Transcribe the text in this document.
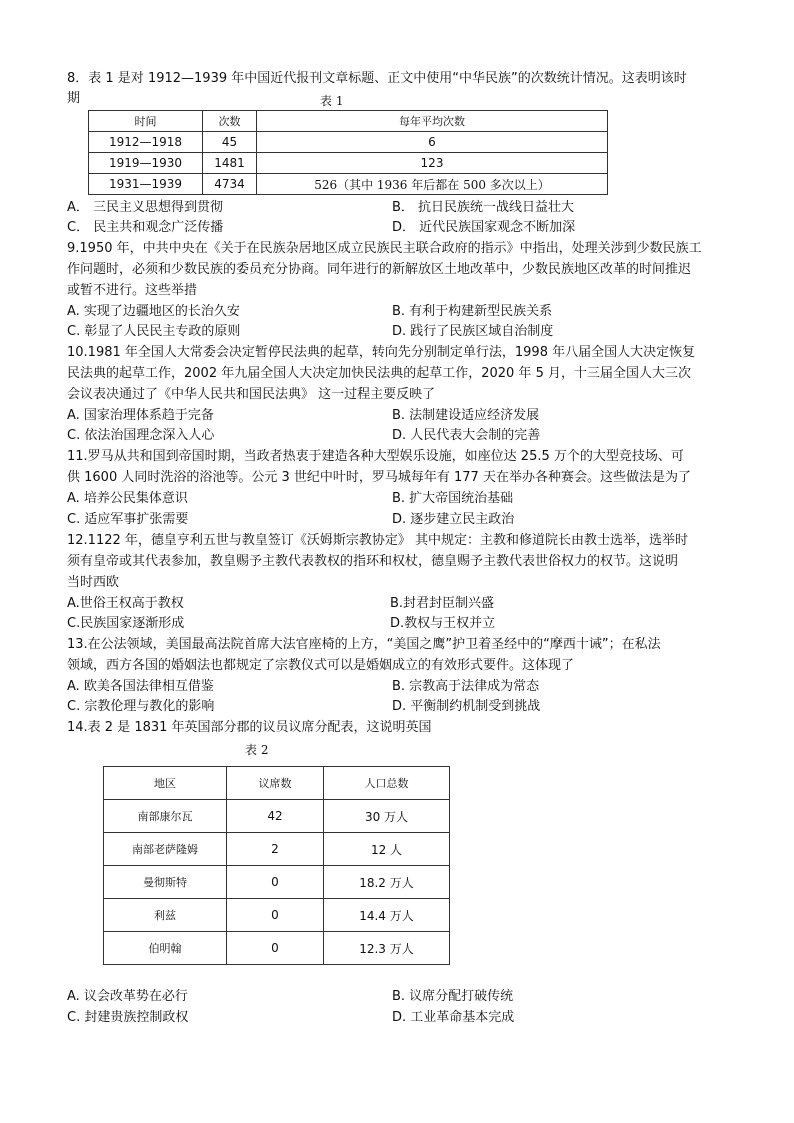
8．表 1 是对 1912—1939 年中国近代报刊文章标题、正文中使用“中华民族”的次数统计情况。这表明该时
期	表 1
时间	次数	每年平均次数
1912—1918	45	6
1919—1930	1481	123
1931—1939	4734	526（其中 1936 年后都在 500 多次以上）
A． 三民主义思想得到贯彻	B． 抗日民族统一战线日益壮大
C． 民主共和观念广泛传播	D． 近代民族国家观念不断加深
9.1950 年，中共中央在《关于在民族杂居地区成立民族民主联合政府的指示》中指出，处理关涉到少数民族工
作问题时，必须和少数民族的委员充分协商。同年进行的新解放区土地改革中，少数民族地区改革的时间推迟
或暂不进行。这些举措
A. 实现了边疆地区的长治久安	B. 有利于构建新型民族关系
C. 彰显了人民民主专政的原则	D. 践行了民族区域自治制度
10.1981 年全国人大常委会决定暂停民法典的起草，转向先分别制定单行法，1998 年八届全国人大决定恢复
民法典的起草工作，2002 年九届全国人大决定加快民法典的起草工作，2020 年 5 月，十三届全国人大三次
会议表决通过了《中华人民共和国民法典》 这一过程主要反映了
A. 国家治理体系趋于完备	B. 法制建设适应经济发展
C. 依法治国理念深入人心	D. 人民代表大会制的完善
11.罗马从共和国到帝国时期，当政者热衷于建造各种大型娱乐设施，如座位达 25.5 万个的大型竞技场、可
供 1600 人同时洗浴的浴池等。公元 3 世纪中叶时，罗马城每年有 177 天在举办各种赛会。这些做法是为了
A. 培养公民集体意识	B. 扩大帝国统治基础
C. 适应军事扩张需要	D. 逐步建立民主政治
12.1122 年，德皇亨利五世与教皇签订《沃姆斯宗教协定》 其中规定：主教和修道院长由教士选举，选举时
须有皇帝或其代表参加，教皇赐予主教代表教权的指环和权杖，德皇赐予主教代表世俗权力的权节。这说明
当时西欧
A.世俗王权高于教权	B.封君封臣制兴盛
C.民族国家逐渐形成	D.教权与王权并立
13.在公法领域，美国最高法院首席大法官座椅的上方，“美国之鹰”护卫着圣经中的“摩西十诫”；在私法
领域，西方各国的婚姻法也都规定了宗教仪式可以是婚姻成立的有效形式要件。这体现了
A. 欧美各国法律相互借鉴	B. 宗教高于法律成为常态
C. 宗教伦理与教化的影响	D. 平衡制约机制受到挑战
14.表 2 是 1831 年英国部分郡的议员议席分配表，这说明英国
表 2
地区	议席数	人口总数
南部康尔瓦	42	30 万人
南部老萨隆姆	2	12 人
曼彻斯特	0	18.2 万人
利兹	0	14.4 万人
伯明翰	0	12.3 万人
A. 议会改革势在必行	B. 议席分配打破传统
C. 封建贵族控制政权	D. 工业革命基本完成
